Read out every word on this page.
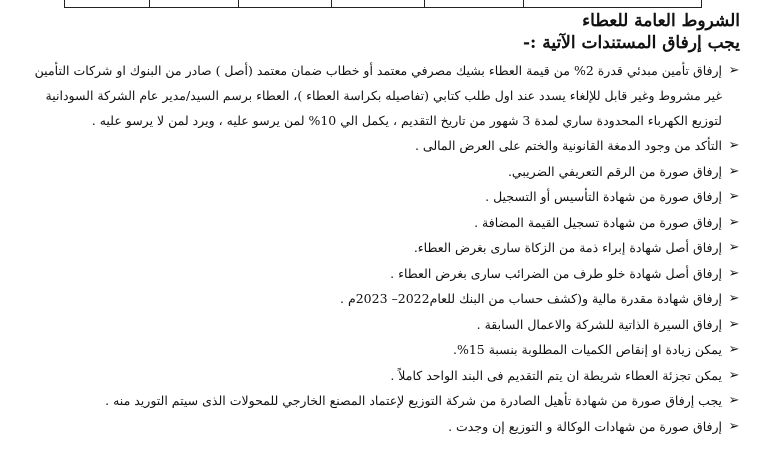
الشروط العامة للعطاء

يجب إرفاق المستندات الآتية :-

➢
إرفاق تأمين مبدئي قدرة 2% من قيمة العطاء بشيك مصرفي معتمد أو خطاب ضمان معتمد (أصل ) صادر من البنوك او شركات التأمين
غير مشروط وغير قابل للإلغاء يسدد عند اول طلب كتابي (تفاصيله بكراسة العطاء )، العطاء برسم السيد/مدير عام الشركة السودانية
لتوزيع الكهرباء المحدودة ساري لمدة 3 شهور من تاريخ التقديم ، يكمل الي 10% لمن يرسو عليه ، ويرد لمن لا يرسو عليه .
➢
التأكد من وجود الدمغة القانونية والختم على العرض المالى .
➢
إرفاق صورة من الرقم التعريفي الضريبي.
➢
إرفاق صورة من شهادة التأسيس أو التسجيل .
➢
إرفاق صورة من شهادة تسجيل القيمة المضافة .
➢
إرفاق أصل شهادة إبراء ذمة من الزكاة سارى بغرض العطاء.
➢
إرفاق أصل شهادة خلو طرف من الضرائب سارى بغرض العطاء .
➢
إرفاق شهادة مقدرة مالية و(كشف حساب من البنك للعام2022– 2023م .
➢
إرفاق السيرة الذاتية للشركة والاعمال السابقة .
➢
يمكن زيادة او إنقاص الكميات المطلوبة بنسبة 15%.
➢
يمكن تجزئة العطاء شريطة ان يتم التقديم فى البند الواحد كاملاً .
➢
يجب إرفاق صورة من شهادة تأهيل الصادرة من شركة التوزيع لإعتماد المصنع الخارجي للمحولات الذى سيتم التوريد منه .
➢
إرفاق صورة من شهادات الوكالة و التوزيع إن وجدت .
